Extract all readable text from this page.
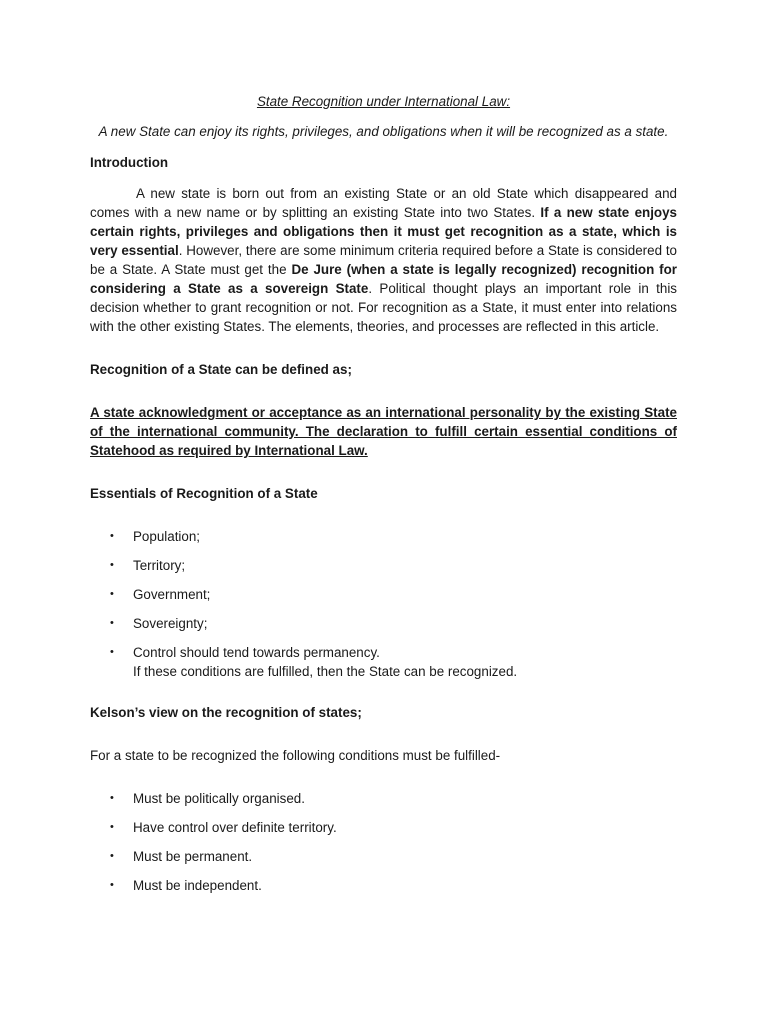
State Recognition under International Law:

A new State can enjoy its rights, privileges, and obligations when it will be recognized as a state.

Introduction

A new state is born out from an existing State or an old State which disappeared and comes with a new name or by splitting an existing State into two States. If a new state enjoys certain rights, privileges and obligations then it must get recognition as a state, which is very essential. However, there are some minimum criteria required before a State is considered to be a State. A State must get the De Jure (when a state is legally recognized) recognition for considering a State as a sovereign State. Political thought plays an important role in this decision whether to grant recognition or not. For recognition as a State, it must enter into relations with the other existing States. The elements, theories, and processes are reflected in this article.

Recognition of a State can be defined as;

A state acknowledgment or acceptance as an international personality by the existing State of the international community. The declaration to fulfill certain essential conditions of Statehood as required by International Law.

Essentials of Recognition of a State

• Population;
• Territory;
• Government;
• Sovereignty;
• Control should tend towards permanency.
If these conditions are fulfilled, then the State can be recognized.

Kelson’s view on the recognition of states;

For a state to be recognized the following conditions must be fulfilled-

• Must be politically organised.
• Have control over definite territory.
• Must be permanent.
• Must be independent.
